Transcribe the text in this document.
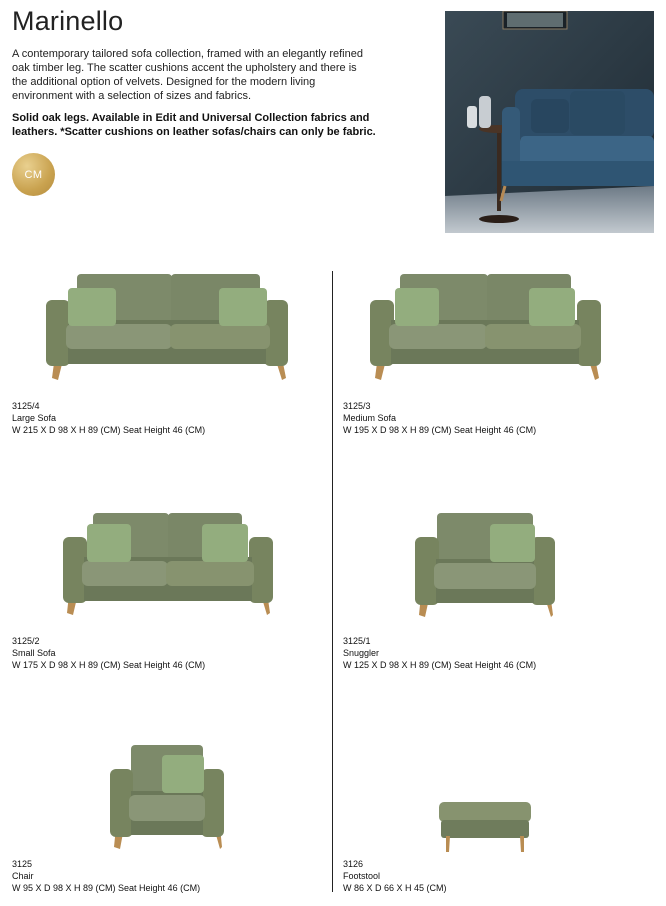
Marinello
A contemporary tailored sofa collection, framed with an elegantly refined oak timber leg. The scatter cushions accent the upholstery and there is the additional option of velvets. Designed for the modern living environment with a selection of sizes and fabrics.
Solid oak legs. Available in Edit and Universal Collection fabrics and leathers. *Scatter cushions on leather sofas/chairs can only be fabric.
CM
3125/4
Large Sofa
W 215 X D 98 X H 89 (CM) Seat Height 46 (CM)
3125/3
Medium Sofa
W 195 X D 98 X H 89 (CM) Seat Height 46 (CM)
3125/2
Small Sofa
W 175 X D 98 X H 89 (CM) Seat Height 46 (CM)
3125/1
Snuggler
W 125 X D 98 X H 89 (CM) Seat Height 46 (CM)
3125
Chair
W 95 X D 98 X H 89 (CM) Seat Height 46 (CM)
3126
Footstool
W 86 X D 66 X H 45 (CM)
